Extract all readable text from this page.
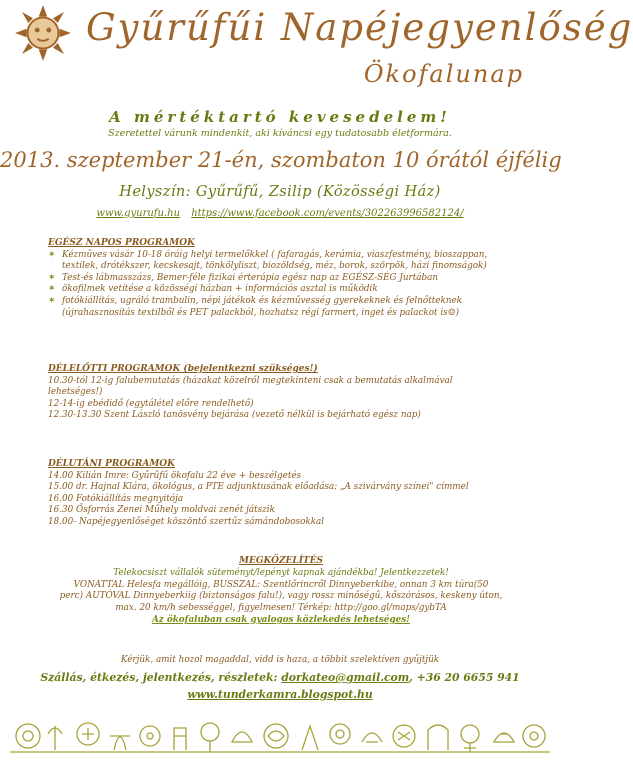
Gyűrűfűi Napéjegyenlőség
Ökofalunap
A mértéktartó kevesedelem!
Szeretettel várunk mindenkit, aki kíváncsi egy tudatosabb életformára.
2013. szeptember 21-én, szombaton 10 órától éjfélig
Helyszín: Gyűrűfű, Zsilip (Közösségi Ház)
www.gyurufu.hu https://www.facebook.com/events/302263996582124/
EGÉSZ NAPOS PROGRAMOK
✶ Kézműves vásár 10-18 óráig helyi termelőkkel ( fafaragás, kerámia, viaszfestmény, bioszappan,
textilek, drótékszer, kecskesajt, tönkölyliszt, biozöldség, méz, borok, szörpök, házi finomságok)
✶ Test-és lábmasszázs, Bemer-féle fizikai érterápia egész nap az EGÉSZ-SÉG Jurtában
✶ ökofilmek vetítése a közösségi házban + információs asztal is működik
✶ fotókiállítás, ugráló trambulin, népi játékok és kézművesség gyerekeknek és felnőtteknek
(újrahasznosítás textilből és PET palackból, hozhatsz régi farmert, inget és palackot is☺)
DÉLELŐTTI PROGRAMOK (bejelentkezni szükséges!)
10.30-tól 12-ig falubemutatás (házakat közelről megtekinteni csak a bemutatás alkalmával
lehetséges!)
12-14-ig ebédidő (egytálétel előre rendelhető)
12.30-13.30 Szent László tanösvény bejárása (vezető nélkül is bejárható egész nap)
DÉLUTÁNI PROGRAMOK
14.00 Kilián Imre: Gyűrűfű ökofalu 22 éve + beszélgetés
15.00 dr. Hajnal Klára, ökológus, a PTE adjunktusának előadása: „A szivárvány színei" címmel
16.00 Fotókiállítás megnyitója
16.30 Ősforrás Zenei Műhely moldvai zenét játszik
18.00- Napéjegyenlőséget köszöntő szertűz sámándobosokkal
MEGKÖZELÍTÉS
Telekocsiszt vállalók süteményt/lepényt kapnak ajándékba! Jelentkezzetek!
VONATTAL Helesfa megállóig, BUSSZAL: Szentlőrincről Dinnyeberkibe, onnan 3 km túra(50
perc) AUTÓVAL Dinnyeberkiig (biztonságos falu!), vagy rossz minőségű, kőszórásos, keskeny úton,
max. 20 km/h sebességgel, figyelmesen! Térkép: http://goo.gl/maps/gybTA
Az ökofaluban csak gyalogos közlekedés lehetséges!
Kérjük, amit hozol magaddal, vidd is haza, a többit szelektíven gyűjtjük
Szállás, étkezés, jelentkezés, részletek: dorkateo@gmail.com, +36 20 6655 941
www.tunderkamra.blogspot.hu
